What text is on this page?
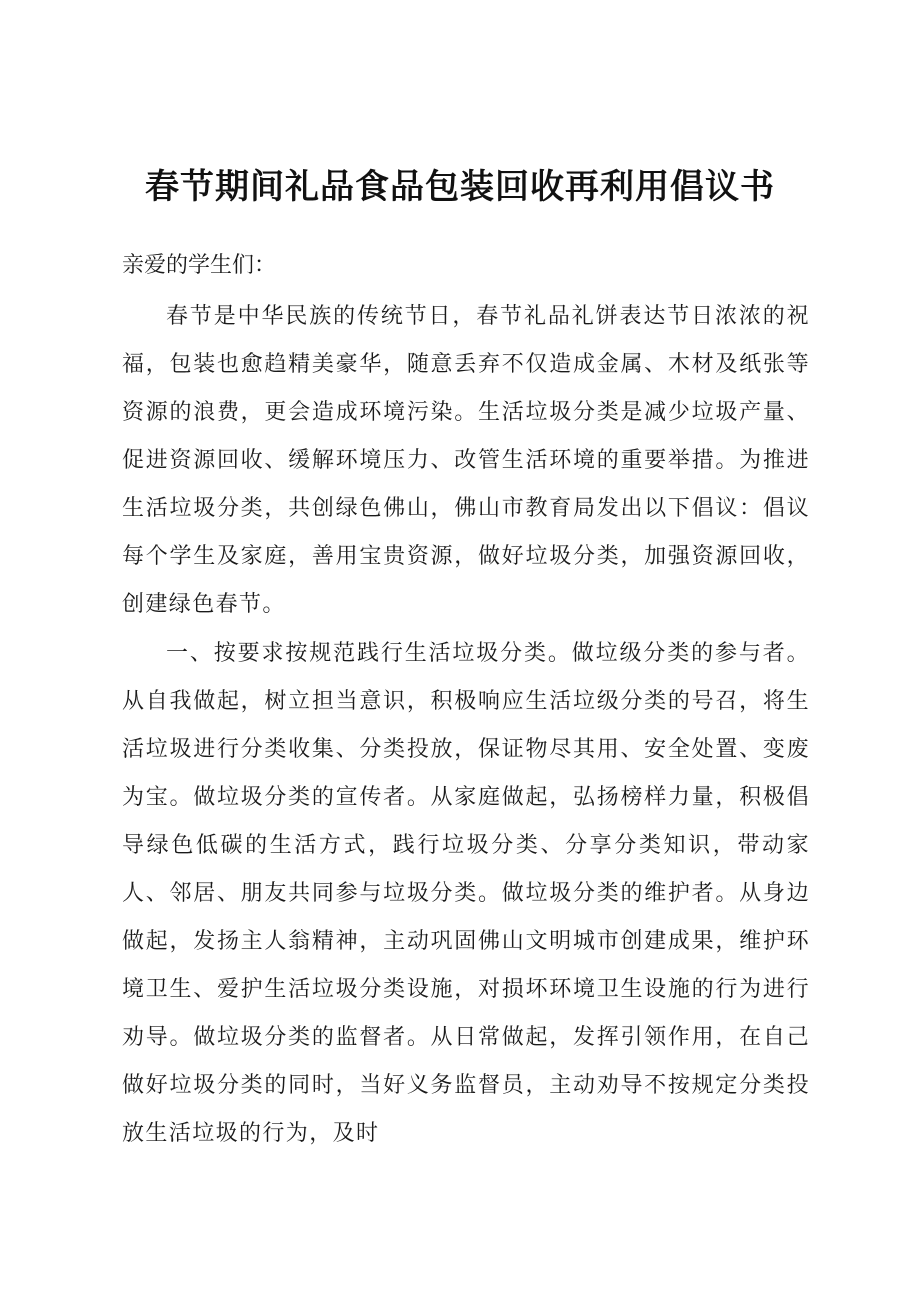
春节期间礼品食品包装回收再利用倡议书
亲爱的学生们：

春节是中华民族的传统节日，春节礼品礼饼表达节日浓浓的祝福，包装也愈趋精美豪华，随意丢弃不仅造成金属、木材及纸张等资源的浪费，更会造成环境污染。生活垃圾分类是减少垃圾产量、促进资源回收、缓解环境压力、改管生活环境的重要举措。为推进生活垃圾分类，共创绿色佛山，佛山市教育局发出以下倡议：倡议每个学生及家庭，善用宝贵资源，做好垃圾分类，加强资源回收，创建绿色春节。

一、按要求按规范践行生活垃圾分类。做垃级分类的参与者。从自我做起，树立担当意识，积极响应生活垃级分类的号召，将生活垃圾进行分类收集、分类投放，保证物尽其用、安全处置、变废为宝。做垃圾分类的宣传者。从家庭做起，弘扬榜样力量，积极倡导绿色低碳的生活方式，践行垃圾分类、分享分类知识，带动家人、邻居、朋友共同参与垃圾分类。做垃圾分类的维护者。从身边做起，发扬主人翁精神，主动巩固佛山文明城市创建成果，维护环境卫生、爱护生活垃圾分类设施，对损坏环境卫生设施的行为进行劝导。做垃圾分类的监督者。从日常做起，发挥引领作用，在自己做好垃圾分类的同时，当好义务监督员，主动劝导不按规定分类投放生活垃圾的行为，及时
